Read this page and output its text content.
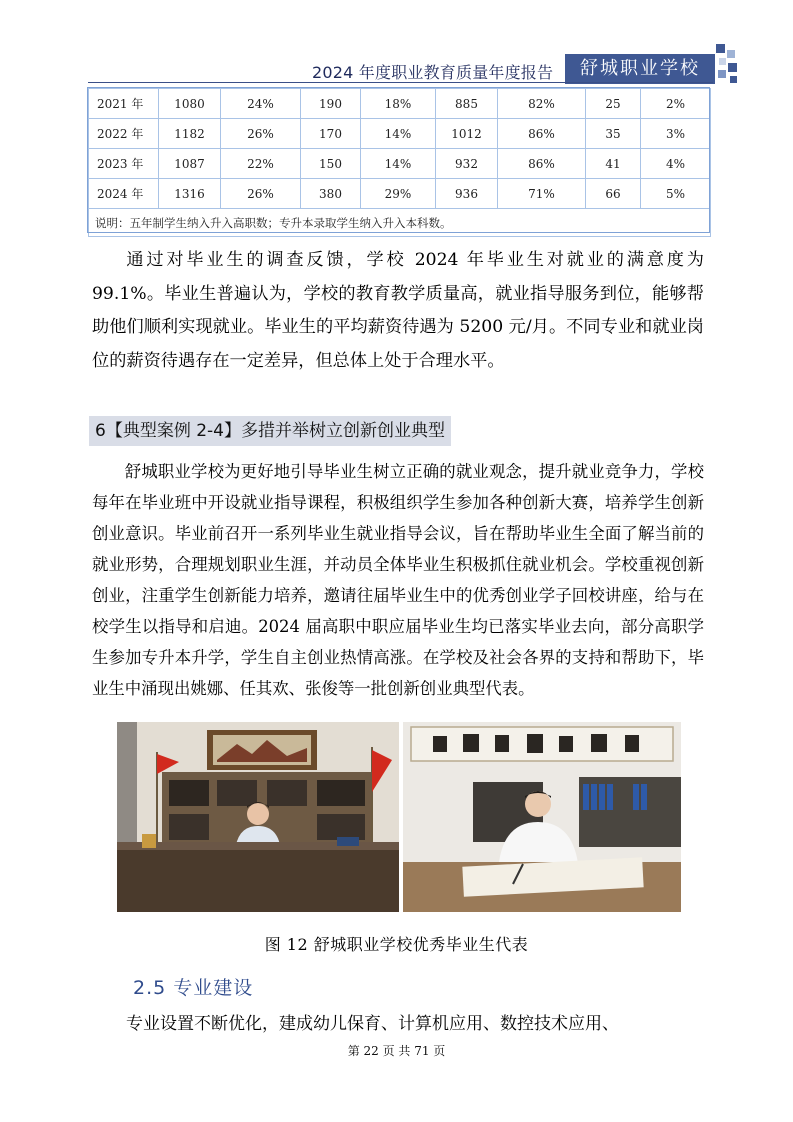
2024 年度职业教育质量年度报告	舒城职业学校
2021 年	1080	24%	190	18%	885	82%	25	2%
2022 年	1182	26%	170	14%	1012	86%	35	3%
2023 年	1087	22%	150	14%	932	86%	41	4%
2024 年	1316	26%	380	29%	936	71%	66	5%
说明：五年制学生纳入升入高职数；专升本录取学生纳入升入本科数。								

通过对毕业生的调查反馈，学校 2024 年毕业生对就业的满意度为 99.1%。毕业生普遍认为，学校的教育教学质量高，就业指导服务到位，能够帮助他们顺利实现就业。毕业生的平均薪资待遇为 5200 元/月。不同专业和就业岗位的薪资待遇存在一定差异，但总体上处于合理水平。

6【典型案例 2-4】多措并举树立创新创业典型

舒城职业学校为更好地引导毕业生树立正确的就业观念，提升就业竞争力，学校每年在毕业班中开设就业指导课程，积极组织学生参加各种创新大赛，培养学生创新创业意识。毕业前召开一系列毕业生就业指导会议，旨在帮助毕业生全面了解当前的就业形势，合理规划职业生涯，并动员全体毕业生积极抓住就业机会。学校重视创新创业，注重学生创新能力培养，邀请往届毕业生中的优秀创业学子回校讲座，给与在校学生以指导和启迪。2024 届高职中职应届毕业生均已落实毕业去向，部分高职学生参加专升本升学，学生自主创业热情高涨。在学校及社会各界的支持和帮助下，毕业生中涌现出姚娜、任其欢、张俊等一批创新创业典型代表。

图 12 舒城职业学校优秀毕业生代表
2.5 专业建设

专业设置不断优化，建成幼儿保育、计算机应用、数控技术应用、

第 22 页 共 71 页
